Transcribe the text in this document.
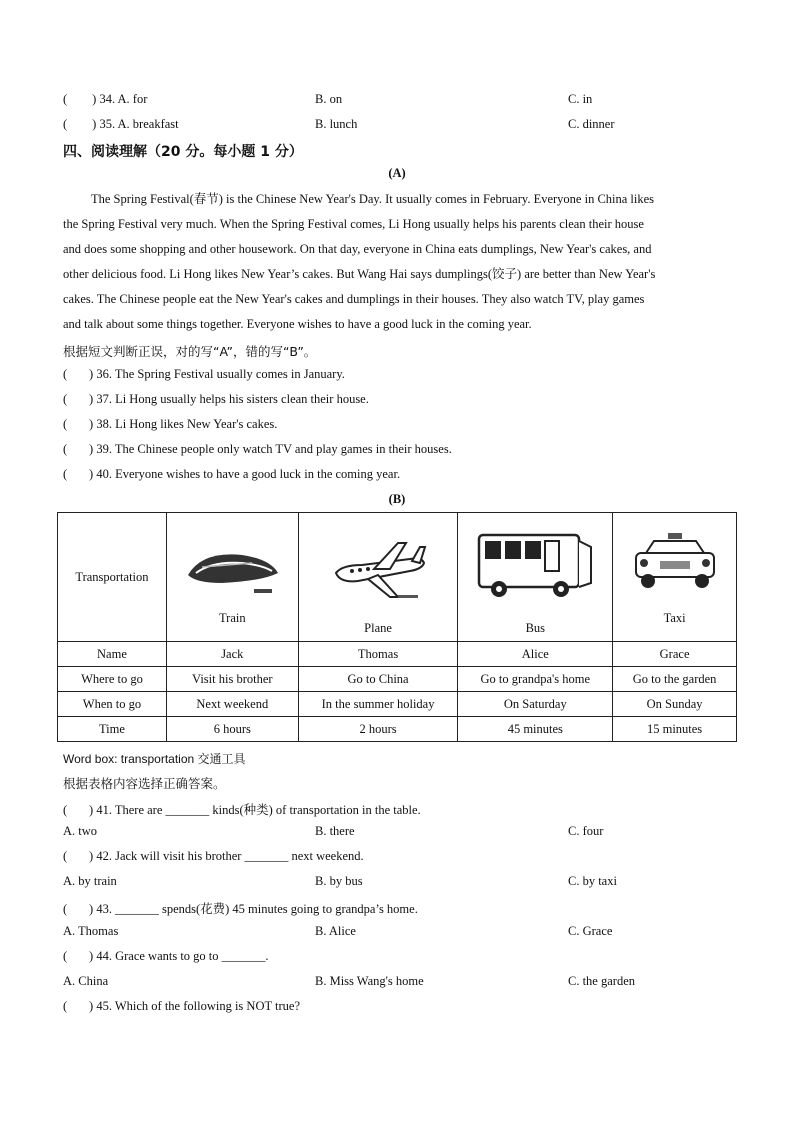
( ) 34. A. for	B. on	C. in
( ) 35. A. breakfast	B. lunch	C. dinner
四、阅读理解（20 分。每小题 1 分）
(A)
The Spring Festival(春节) is the Chinese New Year's Day. It usually comes in February. Everyone in China likes
the Spring Festival very much. When the Spring Festival comes, Li Hong usually helps his parents clean their house
and does some shopping and other housework. On that day, everyone in China eats dumplings, New Year's cakes, and
other delicious food. Li Hong likes New Year’s cakes. But Wang Hai says dumplings(饺子) are better than New Year's
cakes. The Chinese people eat the New Year's cakes and dumplings in their houses. They also watch TV, play games
and talk about some things together. Everyone wishes to have a good luck in the coming year.
根据短文判断正误，对的写“A”，错的写“B”。
(       ) 36. The Spring Festival usually comes in January.
(       ) 37. Li Hong usually helps his sisters clean their house.
(       ) 38. Li Hong likes New Year's cakes.
(       ) 39. The Chinese people only watch TV and play games in their houses.
(       ) 40. Everyone wishes to have a good luck in the coming year.
(B)
Transportation	Train	Plane	Bus	Taxi

Name	Jack	Thomas	Alice	Grace
Where to go	Visit his brother	Go to China	Go to grandpa's home	Go to the garden
When to go	Next weekend	In the summer holiday	On Saturday	On Sunday
Time	6 hours	2 hours	45 minutes	15 minutes
Word box: transportation 交通工具
根据表格内容选择正确答案。
(       ) 41. There are _______ kinds(种类) of transportation in the table.
A. two	B. there	C. four
(       ) 42. Jack will visit his brother _______ next weekend.
A. by train	B. by bus	C. by taxi
(       ) 43. _______ spends(花费) 45 minutes going to grandpa’s home.
A. Thomas	B. Alice	C. Grace
(       ) 44. Grace wants to go to _______.
A. China	B. Miss Wang's home	C. the garden
(       ) 45. Which of the following is NOT true?
